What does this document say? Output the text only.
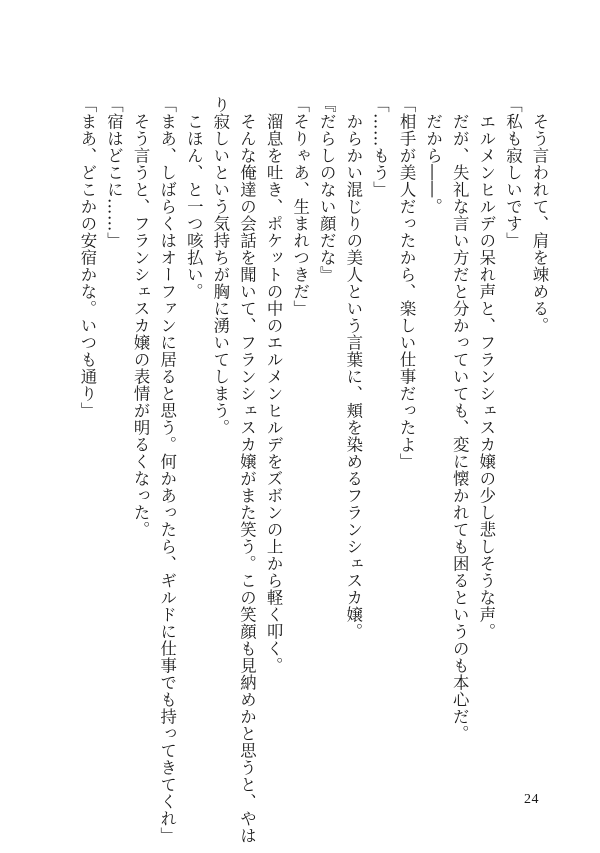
　そう言われて、肩を竦める。
「私も寂しいです」
　エルメンヒルデの呆れ声と、フランシェスカ嬢の少し悲しそうな声。
　だが、失礼な言い方だと分かっていても、変に懐かれても困るというのも本心だ。
　だから――。
「相手が美人だったから、楽しい仕事だったよ」
「……もう」
　からかい混じりの美人という言葉に、頬を染めるフランシェスカ嬢。
『だらしのない顔だな』
「そりゃあ、生まれつきだ」
　溜息を吐き、ポケットの中のエルメンヒルデをズボンの上から軽く叩く。
　そんな俺達の会話を聞いて、フランシェスカ嬢がまた笑う。この笑顔も見納めかと思うと、やは
り寂しいという気持ちが胸に湧いてしまう。
　こほん、と一つ咳払い。
「まあ、しばらくはオーファンに居ると思う。何かあったら、ギルドに仕事でも持ってきてくれ」
　そう言うと、フランシェスカ嬢の表情が明るくなった。
「宿はどこに……」
「まあ、どこかの安宿かな。いつも通り」
24
